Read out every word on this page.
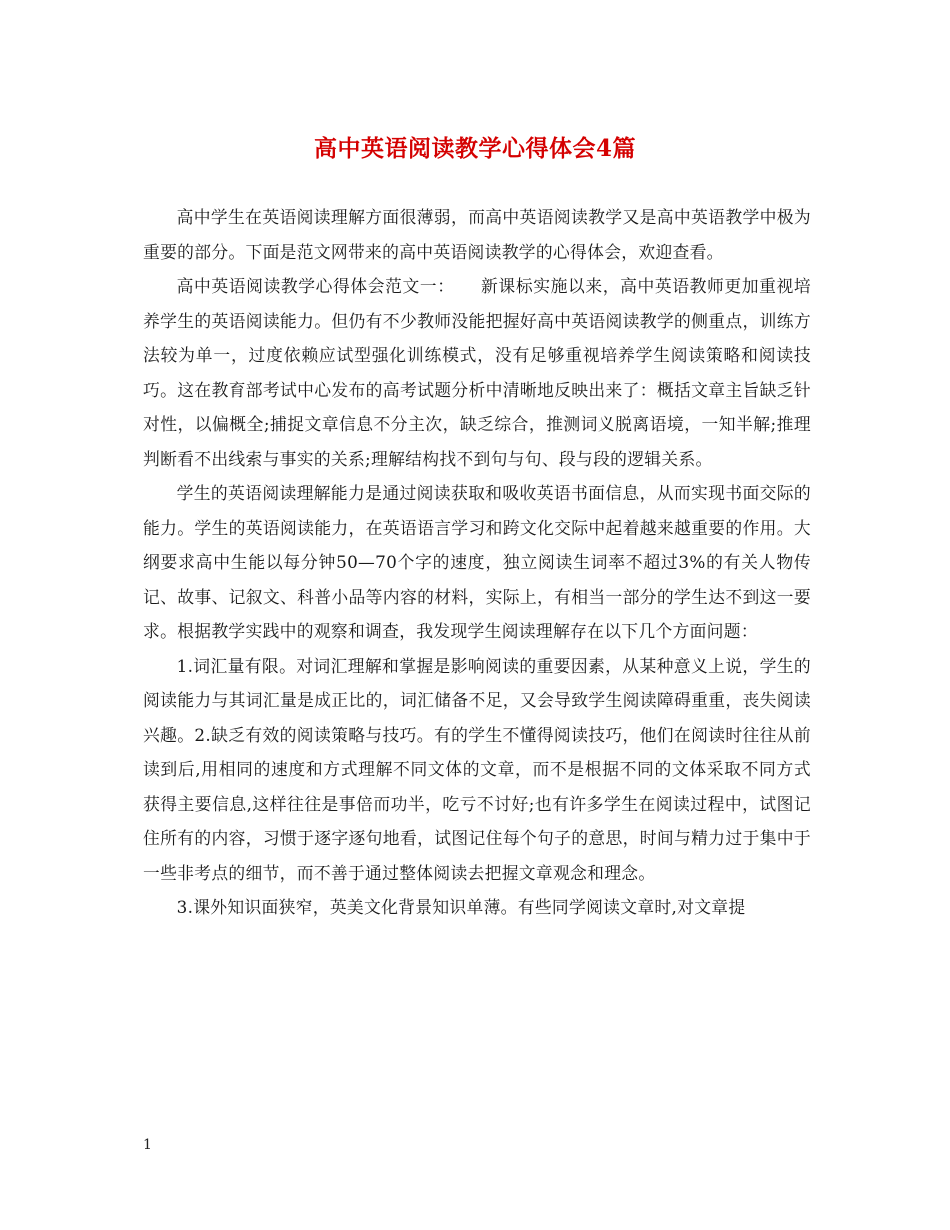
高中英语阅读教学心得体会4篇

高中学生在英语阅读理解方面很薄弱，而高中英语阅读教学又是高中英语教学中极为重要的部分。下面是范文网带来的高中英语阅读教学的心得体会，欢迎查看。

高中英语阅读教学心得体会范文一：　　新课标实施以来，高中英语教师更加重视培养学生的英语阅读能力。但仍有不少教师没能把握好高中英语阅读教学的侧重点，训练方法较为单一，过度依赖应试型强化训练模式，没有足够重视培养学生阅读策略和阅读技巧。这在教育部考试中心发布的高考试题分析中清晰地反映出来了：概括文章主旨缺乏针对性，以偏概全;捕捉文章信息不分主次，缺乏综合，推测词义脱离语境，一知半解;推理判断看不出线索与事实的关系;理解结构找不到句与句、段与段的逻辑关系。

学生的英语阅读理解能力是通过阅读获取和吸收英语书面信息，从而实现书面交际的能力。学生的英语阅读能力，在英语语言学习和跨文化交际中起着越来越重要的作用。大纲要求高中生能以每分钟50—70个字的速度，独立阅读生词率不超过3%的有关人物传记、故事、记叙文、科普小品等内容的材料，实际上，有相当一部分的学生达不到这一要求。根据教学实践中的观察和调查，我发现学生阅读理解存在以下几个方面问题：

1.词汇量有限。对词汇理解和掌握是影响阅读的重要因素，从某种意义上说，学生的阅读能力与其词汇量是成正比的，词汇储备不足，又会导致学生阅读障碍重重，丧失阅读兴趣。2.缺乏有效的阅读策略与技巧。有的学生不懂得阅读技巧，他们在阅读时往往从前读到后,用相同的速度和方式理解不同文体的文章，而不是根据不同的文体采取不同方式获得主要信息,这样往往是事倍而功半，吃亏不讨好;也有许多学生在阅读过程中，试图记住所有的内容，习惯于逐字逐句地看，试图记住每个句子的意思，时间与精力过于集中于一些非考点的细节，而不善于通过整体阅读去把握文章观念和理念。

3.课外知识面狭窄，英美文化背景知识单薄。有些同学阅读文章时,对文章提

1
